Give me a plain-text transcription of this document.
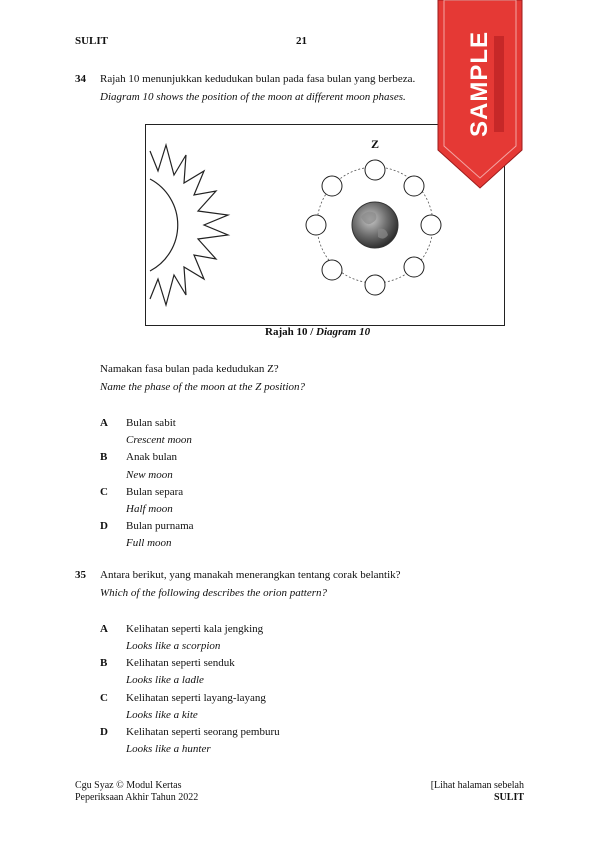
SULIT	21
34 Rajah 10 menunjukkan kedudukan bulan pada fasa bulan yang berbeza.
Diagram 10 shows the position of the moon at different moon phases.
Z
Rajah 10 / Diagram 10
Namakan fasa bulan pada kedudukan Z?
Name the phase of the moon at the Z position?
A Bulan sabit
Crescent moon
B Anak bulan
New moon
C Bulan separa
Half moon
D Bulan purnama
Full moon
35 Antara berikut, yang manakah menerangkan tentang corak belantik?
Which of the following describes the orion pattern?
A Kelihatan seperti kala jengking
Looks like a scorpion
B Kelihatan seperti senduk
Looks like a ladle
C Kelihatan seperti layang-layang
Looks like a kite
D Kelihatan seperti seorang pemburu
Looks like a hunter
Cgu Syaz © Modul Kertas
Peperiksaan Akhir Tahun 2022
[Lihat halaman sebelah
SULIT
SAMPLE
